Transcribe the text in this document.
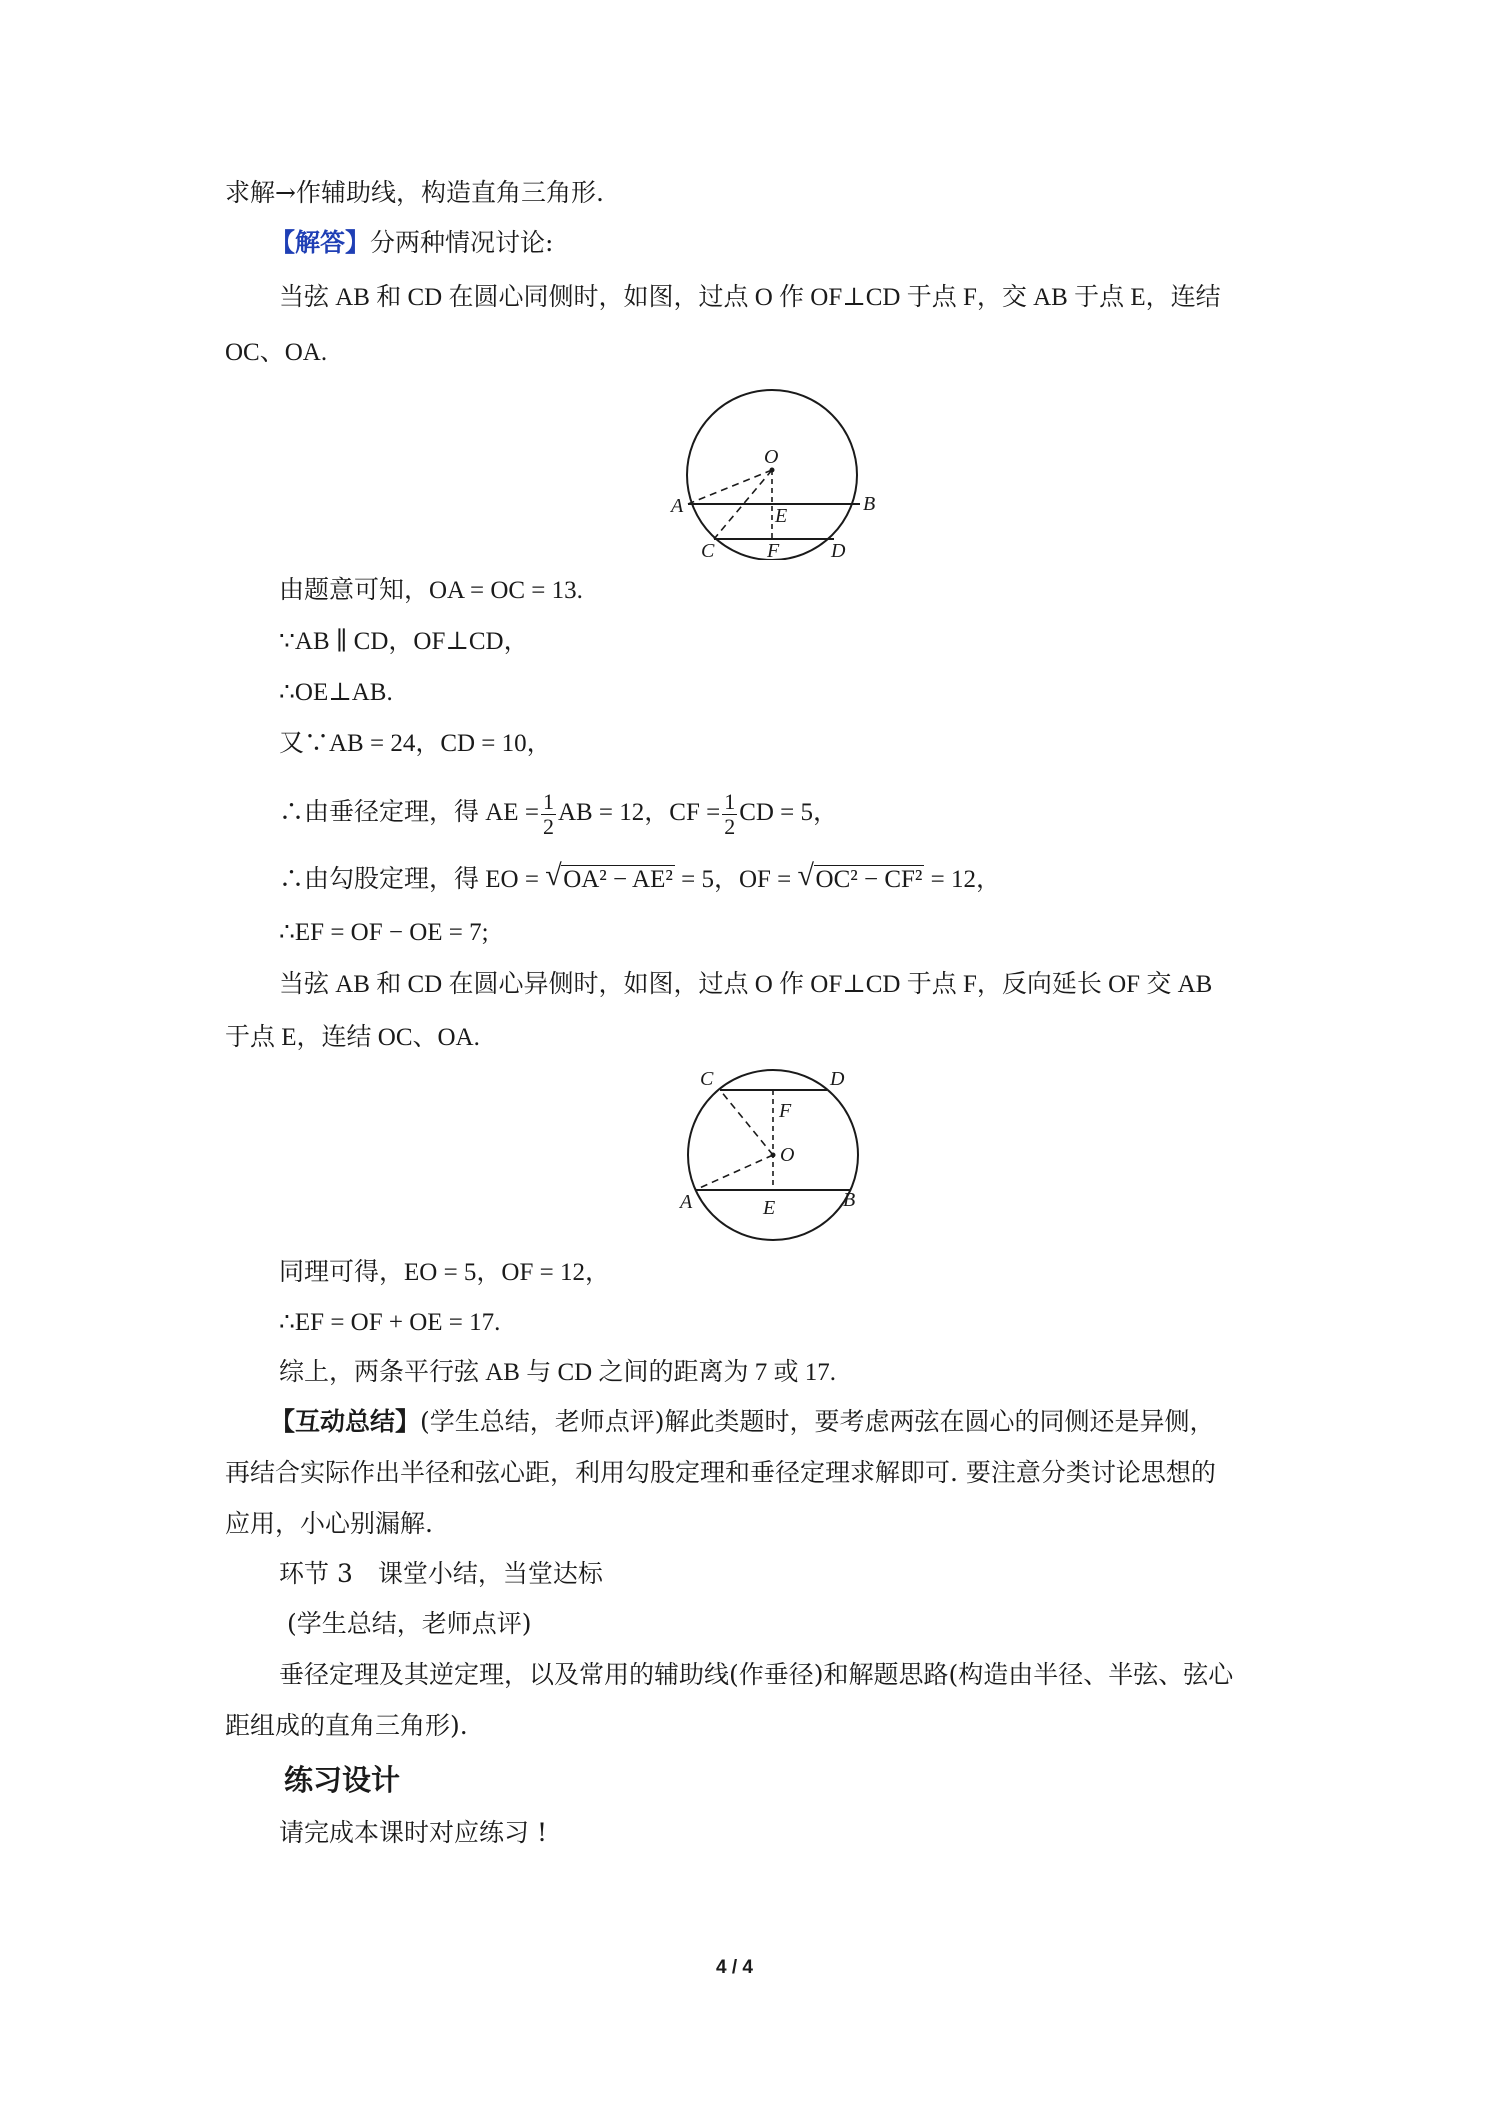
求解→作辅助线，构造直角三角形.
【解答】分两种情况讨论:
当弦 AB 和 CD 在圆心同侧时，如图，过点 O 作 OF⊥CD 于点 F，交 AB 于点 E，连结
OC、OA.
O
A	B
E
C	F	D
由题意可知，OA = OC = 13.
∵AB ∥ CD，OF⊥CD，
∴OE⊥AB.
又∵AB = 24，CD = 10，
∴由垂径定理，得 AE = $\frac{1}{2}$ AB = 12，CF = $\frac{1}{2}$ CD = 5，
∴由勾股定理，得 EO = √ OA² − AE² = 5，OF = √ OC² − CF² = 12，
∴EF = OF − OE = 7;
当弦 AB 和 CD 在圆心异侧时，如图，过点 O 作 OF⊥CD 于点 F，反向延长 OF 交 AB
于点 E，连结 OC、OA.
C	D
F
O
A	E	B
同理可得，EO = 5，OF = 12，
∴EF = OF + OE = 17.
综上，两条平行弦 AB 与 CD 之间的距离为 7 或 17.
【互动总结】(学生总结，老师点评)解此类题时，要考虑两弦在圆心的同侧还是异侧，
再结合实际作出半径和弦心距，利用勾股定理和垂径定理求解即可. 要注意分类讨论思想的
应用，小心别漏解.
环节 3　课堂小结，当堂达标
(学生总结，老师点评)
垂径定理及其逆定理，以及常用的辅助线(作垂径)和解题思路(构造由半径、半弦、弦心
距组成的直角三角形).
练习设计
请完成本课时对应练习 !
4 / 4
